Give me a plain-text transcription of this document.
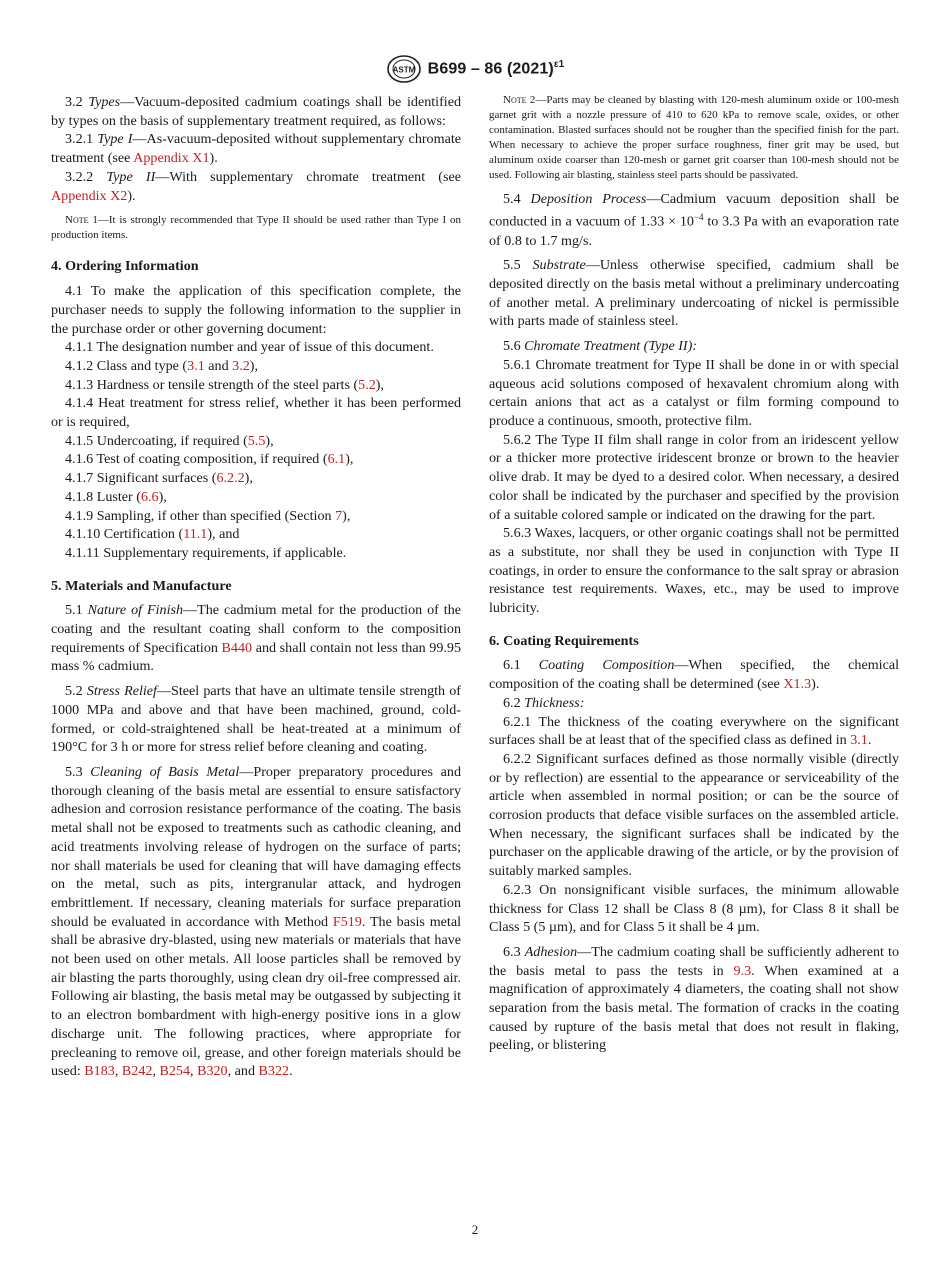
ASTM B699 – 86 $(2021)^{\varepsilon 1}$

3.2 Types—Vacuum-deposited cadmium coatings shall be identified by types on the basis of supplementary treatment required, as follows:

3.2.1 Type I—As-vacuum-deposited without supplementary chromate treatment (see Appendix X1).

3.2.2 Type II—With supplementary chromate treatment (see Appendix X2).

Note 1—It is strongly recommended that Type II should be used rather than Type I on production items.

4. Ordering Information

4.1 To make the application of this specification complete, the purchaser needs to supply the following information to the supplier in the purchase order or other governing document:

4.1.1 The designation number and year of issue of this document.

4.1.2 Class and type (3.1 and 3.2),

4.1.3 Hardness or tensile strength of the steel parts (5.2),

4.1.4 Heat treatment for stress relief, whether it has been performed or is required,

4.1.5 Undercoating, if required (5.5),

4.1.6 Test of coating composition, if required (6.1),

4.1.7 Significant surfaces (6.2.2),

4.1.8 Luster (6.6),

4.1.9 Sampling, if other than specified (Section 7),

4.1.10 Certification (11.1), and

4.1.11 Supplementary requirements, if applicable.

5. Materials and Manufacture

5.1 Nature of Finish—The cadmium metal for the production of the coating and the resultant coating shall conform to the composition requirements of Specification B440 and shall contain not less than 99.95 mass % cadmium.

5.2 Stress Relief—Steel parts that have an ultimate tensile strength of 1000 MPa and above and that have been machined, ground, cold-formed, or cold-straightened shall be heat-treated at a minimum of 190°C for 3 h or more for stress relief before cleaning and coating.

5.3 Cleaning of Basis Metal—Proper preparatory procedures and thorough cleaning of the basis metal are essential to ensure satisfactory adhesion and corrosion resistance performance of the coating. The basis metal shall not be exposed to treatments such as cathodic cleaning, and acid treatments involving release of hydrogen on the surface of parts; nor shall materials be used for cleaning that will have damaging effects on the metal, such as pits, intergranular attack, and hydrogen embrittlement. If necessary, cleaning materials for surface preparation should be evaluated in accordance with Method F519. The basis metal shall be abrasive dry-blasted, using new materials or materials that have not been used on other metals. All loose particles shall be removed by air blasting the parts thoroughly, using clean dry oil-free compressed air. Following air blasting, the basis metal may be outgassed by subjecting it to an electron bombardment with high-energy positive ions in a glow discharge unit. The following practices, where appropriate for precleaning to remove oil, grease, and other foreign materials should be used: B183, B242, B254, B320, and B322.

Note 2—Parts may be cleaned by blasting with 120-mesh aluminum oxide or 100-mesh garnet grit with a nozzle pressure of 410 to 620 kPa to remove scale, oxides, or other contamination. Blasted surfaces should not be rougher than the specified finish for the part. When necessary to achieve the proper surface roughness, finer grit may be used, but aluminum oxide coarser than 120-mesh or garnet grit coarser than 100-mesh should not be used. Following air blasting, stainless steel parts should be passivated.

5.4 Deposition Process—Cadmium vacuum deposition shall be conducted in a vacuum of $1.33 \times 10^{-4}$ to 3.3 Pa with an evaporation rate of 0.8 to 1.7 mg/s.

5.5 Substrate—Unless otherwise specified, cadmium shall be deposited directly on the basis metal without a preliminary undercoating of another metal. A preliminary undercoating of nickel is permissible with parts made of stainless steel.

5.6 Chromate Treatment (Type II):

5.6.1 Chromate treatment for Type II shall be done in or with special aqueous acid solutions composed of hexavalent chromium along with certain anions that act as a catalyst or film forming compound to produce a continuous, smooth, protective film.

5.6.2 The Type II film shall range in color from an iridescent yellow or a thicker more protective iridescent bronze or brown to the heavier olive drab. It may be dyed to a desired color. When necessary, a desired color shall be indicated by the purchaser and specified by the provision of a suitable colored sample or indicated on the drawing for the part.

5.6.3 Waxes, lacquers, or other organic coatings shall not be permitted as a substitute, nor shall they be used in conjunction with Type II coatings, in order to ensure the conformance to the salt spray or abrasion resistance test requirements. Waxes, etc., may be used to improve lubricity.

6. Coating Requirements

6.1 Coating Composition—When specified, the chemical composition of the coating shall be determined (see X1.3).

6.2 Thickness:

6.2.1 The thickness of the coating everywhere on the significant surfaces shall be at least that of the specified class as defined in 3.1.

6.2.2 Significant surfaces defined as those normally visible (directly or by reflection) are essential to the appearance or serviceability of the article when assembled in normal position; or can be the source of corrosion products that deface visible surfaces on the assembled article. When necessary, the significant surfaces shall be indicated by the purchaser on the applicable drawing of the article, or by the provision of suitably marked samples.

6.2.3 On nonsignificant visible surfaces, the minimum allowable thickness for Class 12 shall be Class 8 (8 µm), for Class 8 it shall be Class 5 (5 µm), and for Class 5 it shall be 4 µm.

6.3 Adhesion—The cadmium coating shall be sufficiently adherent to the basis metal to pass the tests in 9.3. When examined at a magnification of approximately 4 diameters, the coating shall not show separation from the basis metal. The formation of cracks in the coating caused by rupture of the basis metal that does not result in flaking, peeling, or blistering

2
